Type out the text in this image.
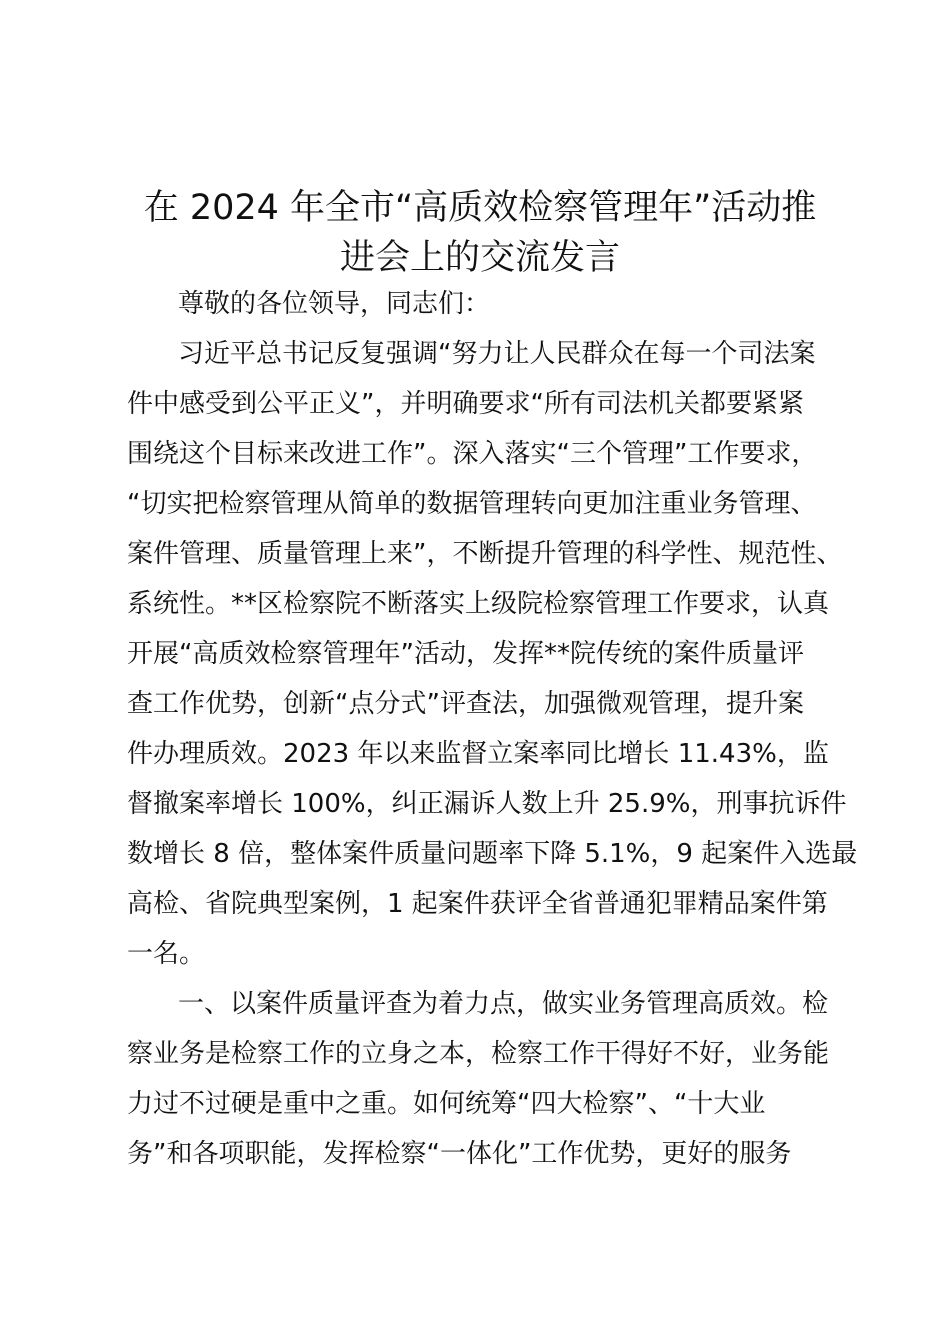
在 2024 年全市“高质效检察管理年”活动推
进会上的交流发言

尊敬的各位领导，同志们：

习近平总书记反复强调“努力让人民群众在每一个司法案

件中感受到公平正义”，并明确要求“所有司法机关都要紧紧

围绕这个目标来改进工作”。深入落实“三个管理”工作要求，

“切实把检察管理从简单的数据管理转向更加注重业务管理、

案件管理、质量管理上来”，不断提升管理的科学性、规范性、

系统性。**区检察院不断落实上级院检察管理工作要求，认真

开展“高质效检察管理年”活动，发挥**院传统的案件质量评

查工作优势，创新“点分式”评查法，加强微观管理，提升案

件办理质效。2023 年以来监督立案率同比增长 11.43%，监

督撤案率增长 100%，纠正漏诉人数上升 25.9%，刑事抗诉件

数增长 8 倍，整体案件质量问题率下降 5.1%，9 起案件入选最

高检、省院典型案例，1 起案件获评全省普通犯罪精品案件第

一名。

一、以案件质量评查为着力点，做实业务管理高质效。检

察业务是检察工作的立身之本，检察工作干得好不好，业务能

力过不过硬是重中之重。如何统筹“四大检察”、“十大业

务”和各项职能，发挥检察“一体化”工作优势，更好的服务
